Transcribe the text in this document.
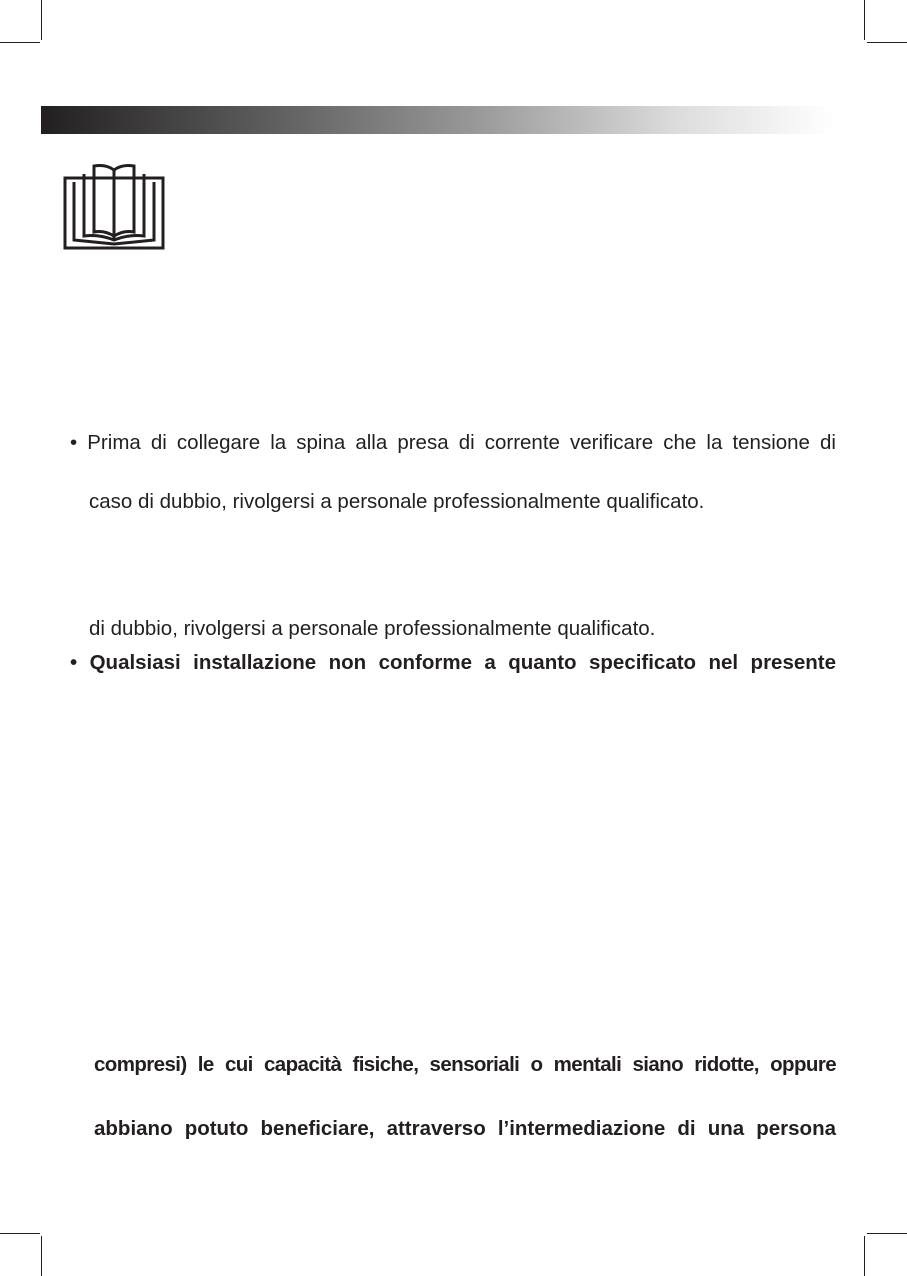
• Prima di collegare la spina alla presa di corrente verificare che la tensione di
caso di dubbio, rivolgersi a personale professionalmente qualificato.
di dubbio, rivolgersi a personale professionalmente qualificato.
• Qualsiasi installazione non conforme a quanto specificato nel presente
compresi) le cui capacità fisiche, sensoriali o mentali siano ridotte, oppure
abbiano potuto beneficiare, attraverso l’intermediazione di una persona
